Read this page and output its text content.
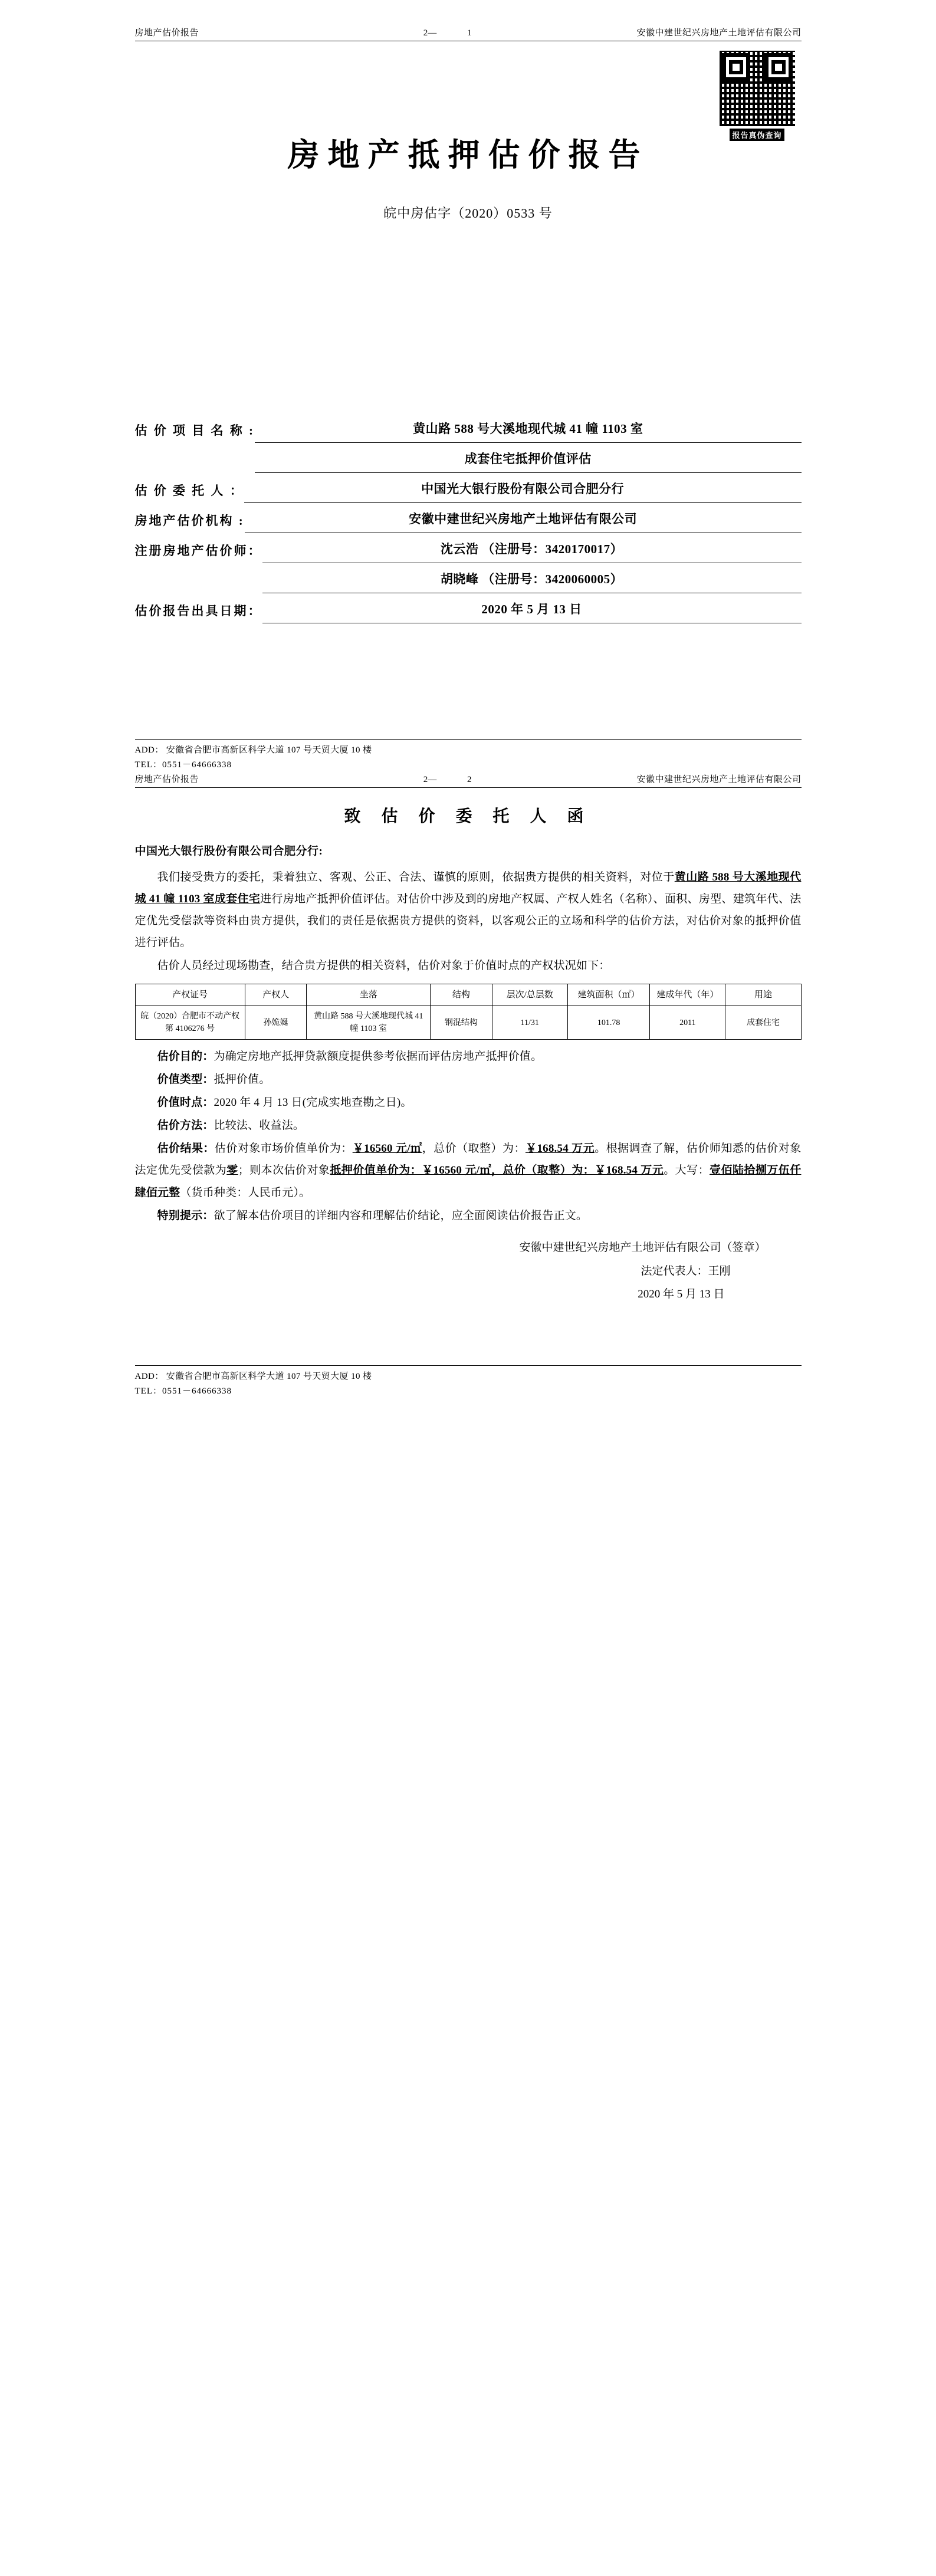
房地产估价报告	2—	1	安徽中建世纪兴房地产土地评估有限公司
报告真伪查询
房地产抵押估价报告
皖中房估字（2020）0533 号
估 价 项 目 名 称 :	黄山路 588 号大溪地现代城 41 幢 1103 室
成套住宅抵押价值评估
估 价 委 托 人 ：	中国光大银行股份有限公司合肥分行
房地产估价机构 :	安徽中建世纪兴房地产土地评估有限公司
注册房地产估价师：	沈云浩 （注册号：3420170017）
胡晓峰 （注册号：3420060005）
估价报告出具日期：	2020 年 5 月 13 日
ADD： 安徽省合肥市高新区科学大道 107 号天贸大厦 10 楼
TEL：0551－64666338
房地产估价报告	2—	2	安徽中建世纪兴房地产土地评估有限公司
致 估 价 委 托 人 函
中国光大银行股份有限公司合肥分行:

我们接受贵方的委托，秉着独立、客观、公正、合法、谨慎的原则，依据贵方提供的相关资料，对位于黄山路 588 号大溪地现代城 41 幢 1103 室成套住宅进行房地产抵押价值评估。对估价中涉及到的房地产权属、产权人姓名（名称）、面积、房型、建筑年代、法定优先受偿款等资料由贵方提供，我们的责任是依据贵方提供的资料，以客观公正的立场和科学的估价方法，对估价对象的抵押价值进行评估。

估价人员经过现场勘查，结合贵方提供的相关资料，估价对象于价值时点的产权状况如下：

产权证号	产权人	坐落	结构	层次/总层数	建筑面积（㎡）	建成年代（年）	用途
皖（2020）合肥市不动产权第 4106276 号	孙姽娫	黄山路 588 号大溪地现代城 41 幢 1103 室	钢混结构	11/31	101.78	2011	成套住宅

估价目的：为确定房地产抵押贷款额度提供参考依据而评估房地产抵押价值。

价值类型：抵押价值。

价值时点：2020 年 4 月 13 日(完成实地查勘之日)。

估价方法：比较法、收益法。

估价结果：估价对象市场价值单价为：￥16560 元/㎡，总价（取整）为：￥168.54 万元。根据调查了解，估价师知悉的估价对象法定优先受偿款为零；则本次估价对象抵押价值单价为：￥16560 元/㎡，总价（取整）为：￥168.54 万元。大写：壹佰陆拾捌万伍仟肆佰元整（货币种类：人民币元）。

特别提示：欲了解本估价项目的详细内容和理解估价结论，应全面阅读估价报告正文。

安徽中建世纪兴房地产土地评估有限公司（签章）
法定代表人：王刚
2020 年 5 月 13 日
ADD： 安徽省合肥市高新区科学大道 107 号天贸大厦 10 楼
TEL：0551－64666338
